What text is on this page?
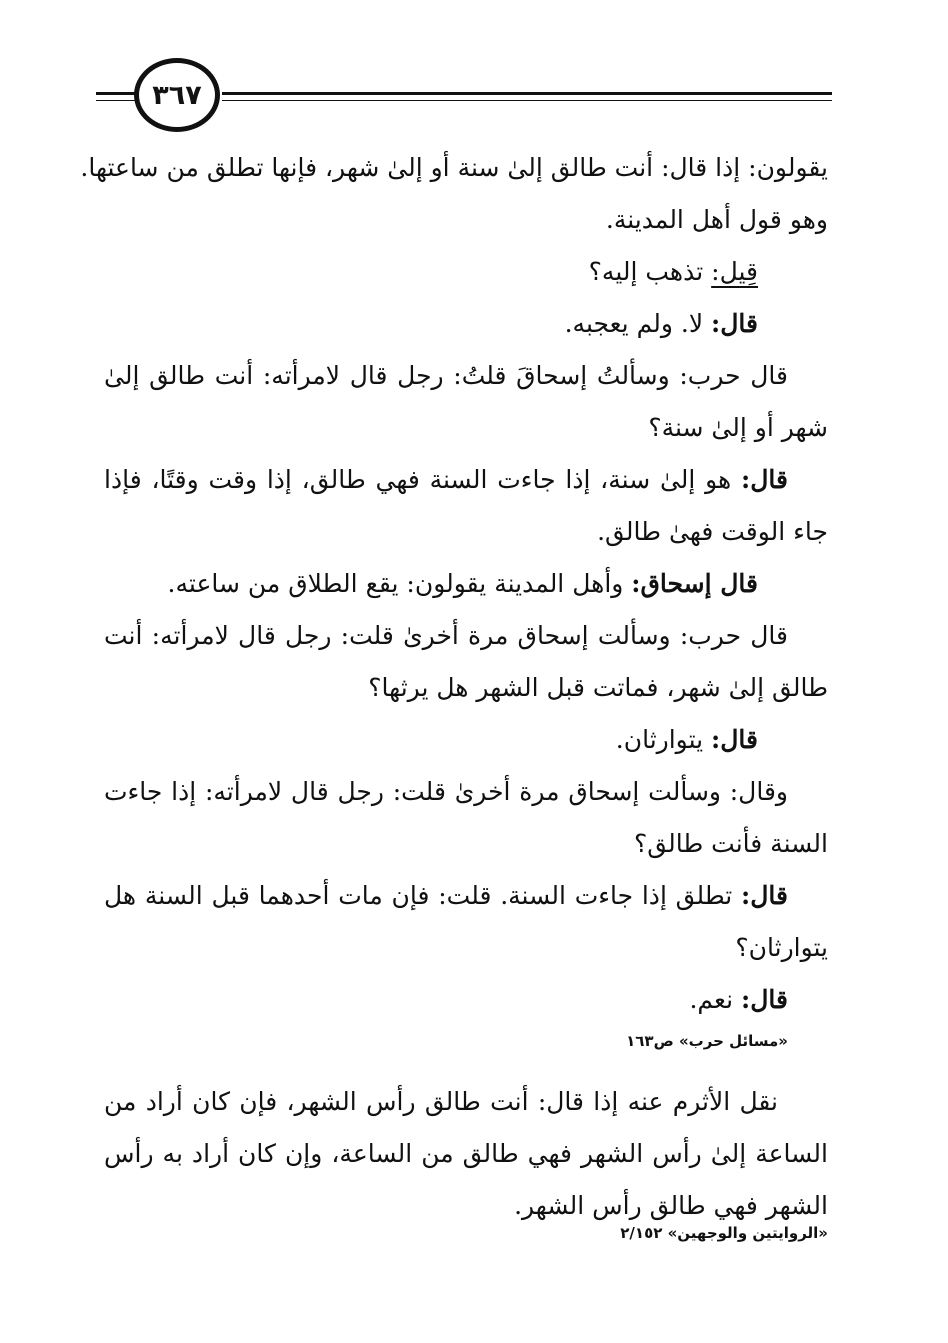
٣٦٧
يقولون: إذا قال: أنت طالق إلىٰ سنة أو إلىٰ شهر، فإنها تطلق من ساعتها.
وهو قول أهل المدينة.
قِيل: تذهب إليه؟
قال: لا. ولم يعجبه.
قال حرب: وسألتُ إسحاقَ قلتُ: رجل قال لامرأته: أنت طالق إلىٰ
شهر أو إلىٰ سنة؟
قال: هو إلىٰ سنة، إذا جاءت السنة فهي طالق، إذا وقت وقتًا، فإذا
جاء الوقت فهىٰ طالق.
قال إسحاق: وأهل المدينة يقولون: يقع الطلاق من ساعته.
قال حرب: وسألت إسحاق مرة أخرىٰ قلت: رجل قال لامرأته: أنت
طالق إلىٰ شهر، فماتت قبل الشهر هل يرثها؟
قال: يتوارثان.
وقال: وسألت إسحاق مرة أخرىٰ قلت: رجل قال لامرأته: إذا جاءت
السنة فأنت طالق؟
قال: تطلق إذا جاءت السنة. قلت: فإن مات أحدهما قبل السنة هل
يتوارثان؟
قال: نعم.
«مسائل حرب» ص١٦٣
نقل الأثرم عنه إذا قال: أنت طالق رأس الشهر، فإن كان أراد من
الساعة إلىٰ رأس الشهر فهي طالق من الساعة، وإن كان أراد به رأس
الشهر فهي طالق رأس الشهر.
«الروايتين والوجهين» ٢/١٥٢
